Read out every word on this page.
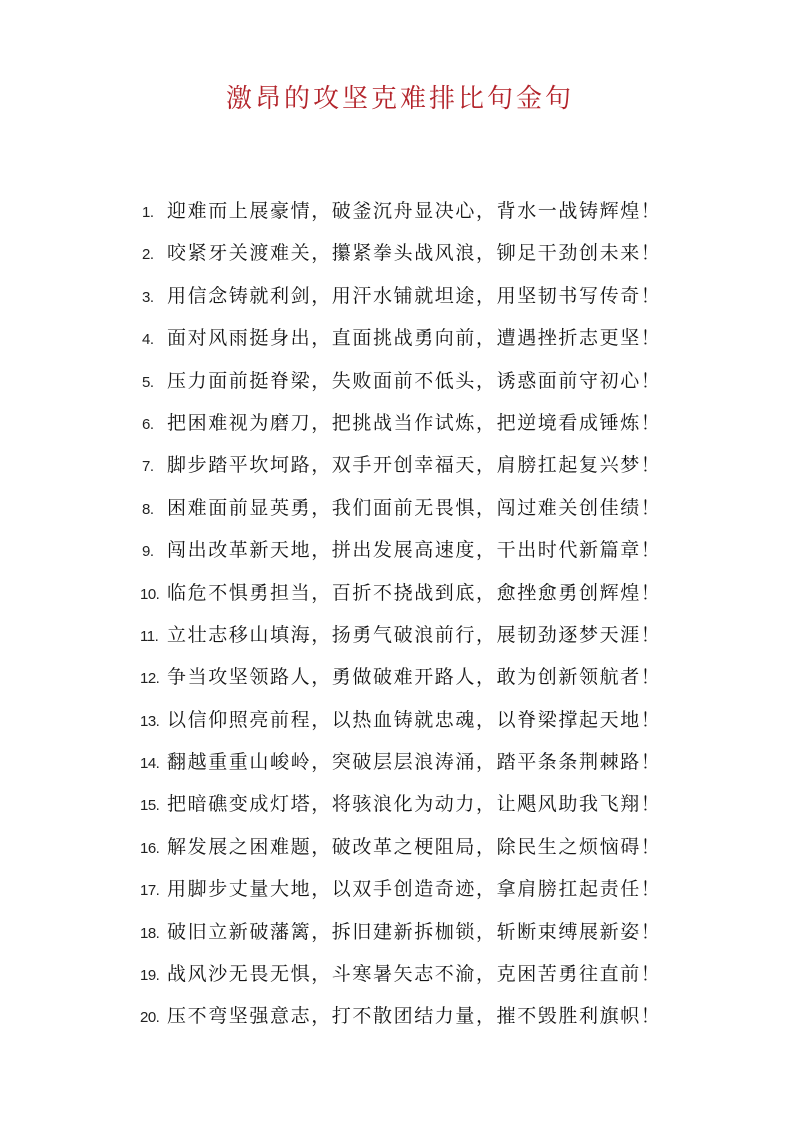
激昂的攻坚克难排比句金句
1. 迎难而上展豪情，破釜沉舟显决心，背水一战铸辉煌！
2. 咬紧牙关渡难关，攥紧拳头战风浪，铆足干劲创未来！
3. 用信念铸就利剑，用汗水铺就坦途，用坚韧书写传奇！
4. 面对风雨挺身出，直面挑战勇向前，遭遇挫折志更坚！
5. 压力面前挺脊梁，失败面前不低头，诱惑面前守初心！
6. 把困难视为磨刀，把挑战当作试炼，把逆境看成锤炼！
7. 脚步踏平坎坷路，双手开创幸福天，肩膀扛起复兴梦！
8. 困难面前显英勇，我们面前无畏惧，闯过难关创佳绩！
9. 闯出改革新天地，拼出发展高速度，干出时代新篇章！
10. 临危不惧勇担当，百折不挠战到底，愈挫愈勇创辉煌！
11. 立壮志移山填海，扬勇气破浪前行，展韧劲逐梦天涯！
12. 争当攻坚领路人，勇做破难开路人，敢为创新领航者！
13. 以信仰照亮前程，以热血铸就忠魂，以脊梁撑起天地！
14. 翻越重重山峻岭，突破层层浪涛涌，踏平条条荆棘路！
15. 把暗礁变成灯塔，将骇浪化为动力，让飓风助我飞翔！
16. 解发展之困难题，破改革之梗阻局，除民生之烦恼碍！
17. 用脚步丈量大地，以双手创造奇迹，拿肩膀扛起责任！
18. 破旧立新破藩篱，拆旧建新拆枷锁，斩断束缚展新姿！
19. 战风沙无畏无惧，斗寒暑矢志不渝，克困苦勇往直前！
20. 压不弯坚强意志，打不散团结力量，摧不毁胜利旗帜！
